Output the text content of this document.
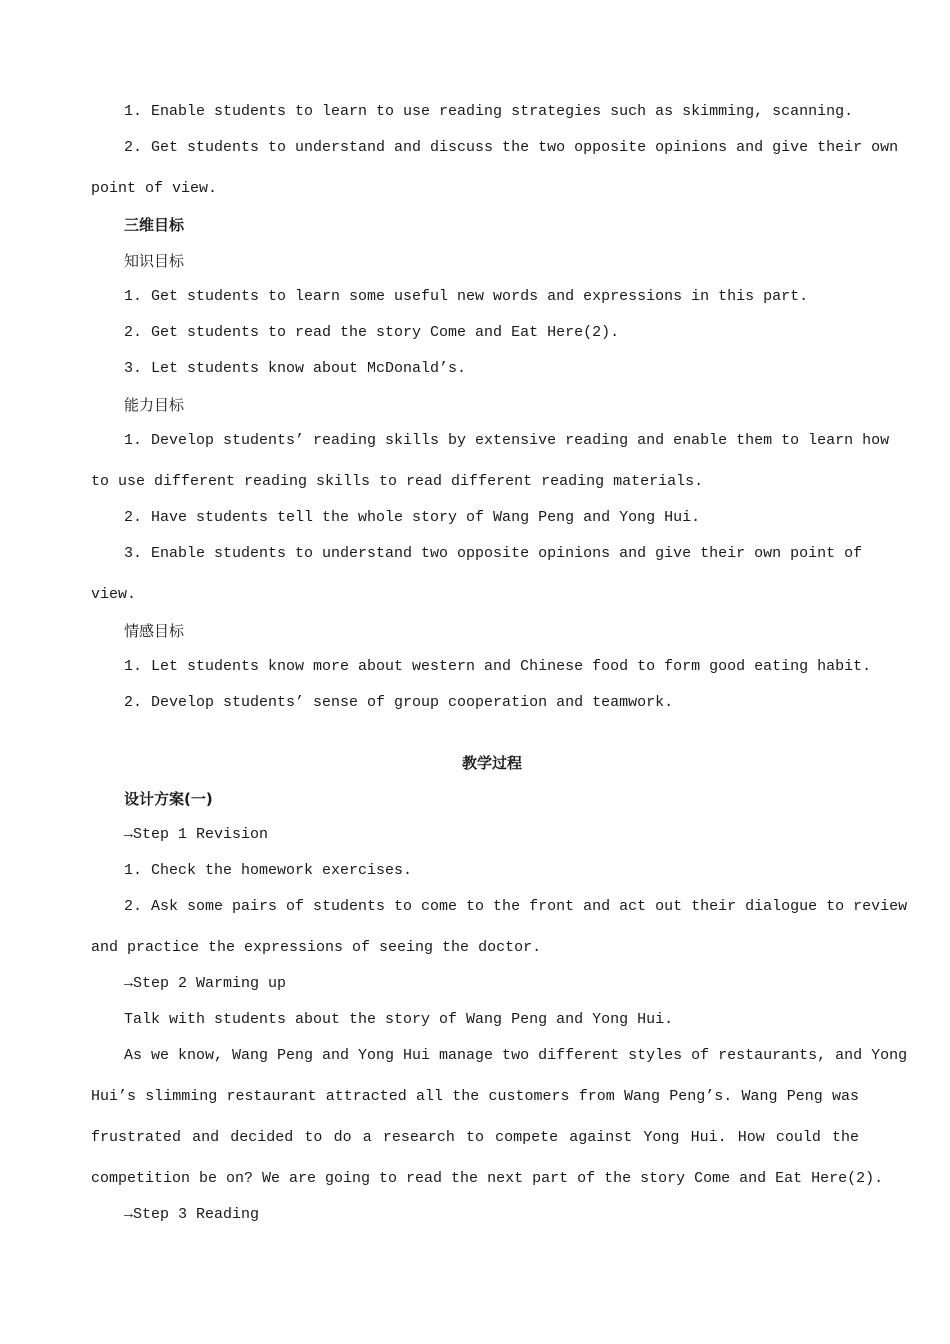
1. Enable students to learn to use reading strategies such as skimming, scanning.
2. Get students to understand and discuss the two opposite opinions and give their own
point of view.
三维目标
知识目标
1. Get students to learn some useful new words and expressions in this part.
2. Get students to read the story Come and Eat Here(2).
3. Let students know about McDonald’s.
能力目标
1. Develop students’ reading skills by extensive reading and enable them to learn how
to use different reading skills to read different reading materials.
2. Have students tell the whole story of Wang Peng and Yong Hui.
3. Enable students to understand two opposite opinions and give their own point of
view.
情感目标
1. Let students know more about western and Chinese food to form good eating habit.
2. Develop students’ sense of group cooperation and teamwork.
教学过程
设计方案(一)
→Step 1 Revision
1. Check the homework exercises.
2. Ask some pairs of students to come to the front and act out their dialogue to review
and practice the expressions of seeing the doctor.
→Step 2 Warming up
Talk with students about the story of Wang Peng and Yong Hui.
As we know, Wang Peng and Yong Hui manage two different styles of restaurants, and Yong
Hui’s slimming restaurant attracted all the customers from Wang Peng’s. Wang Peng was
frustrated and decided to do a research to compete against Yong Hui. How could the
competition be on? We are going to read the next part of the story Come and Eat Here(2).
→Step 3 Reading
